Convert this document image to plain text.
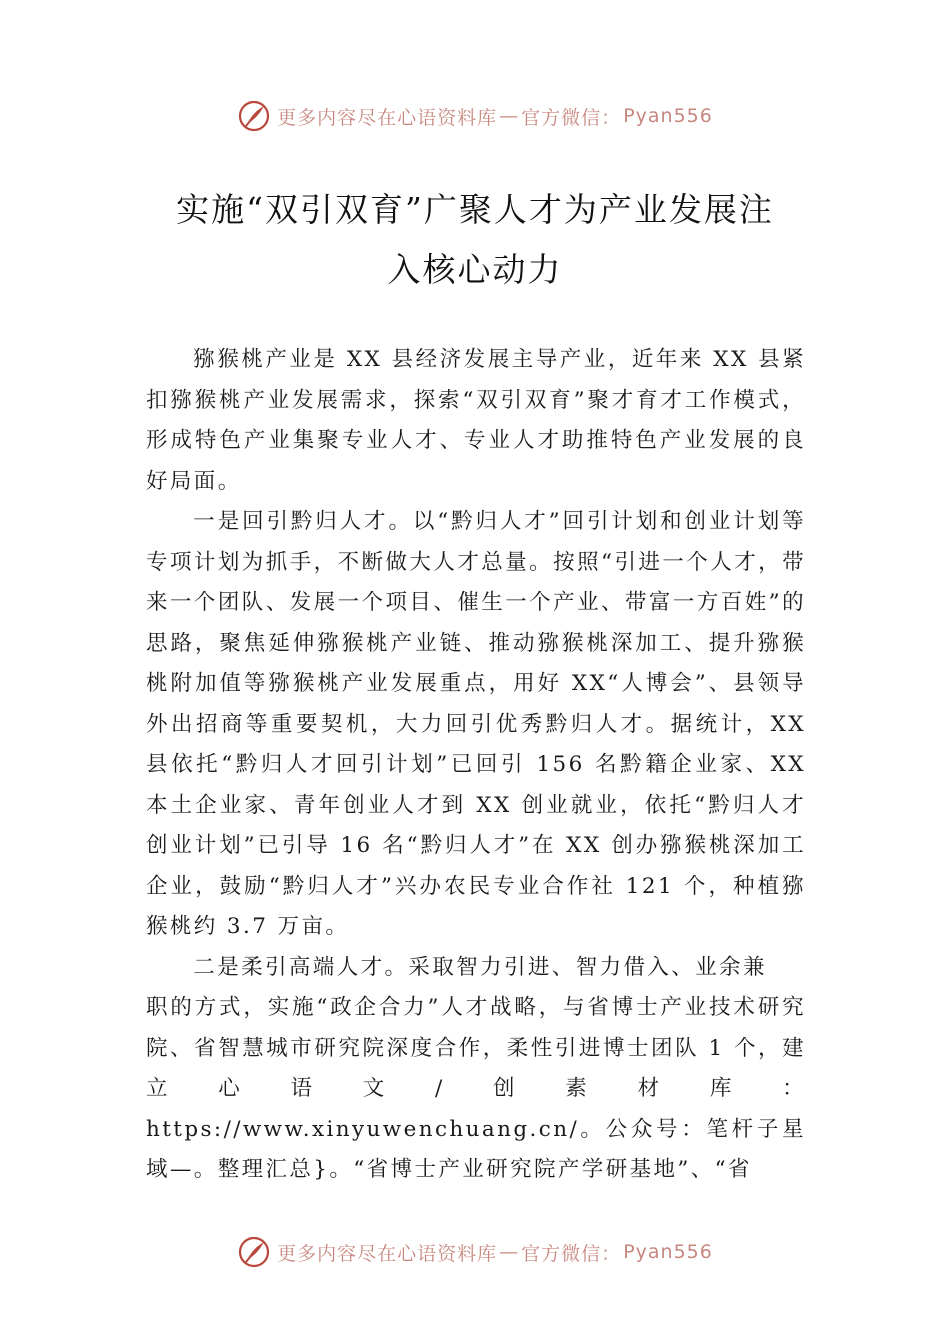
更多内容尽在心语资料库 — 官方微信： Pyan556
实施“双引双育”广聚人才为产业发展注
入核心动力

猕猴桃产业是 XX 县经济发展主导产业，近年来 XX 县紧扣猕猴桃产业发展需求，探索“双引双育”聚才育才工作模式，形成特色产业集聚专业人才、专业人才助推特色产业发展的良好局面。

一是回引黔归人才。以“黔归人才”回引计划和创业计划等专项计划为抓手，不断做大人才总量。按照“引进一个人才，带来一个团队、发展一个项目、催生一个产业、带富一方百姓”的思路，聚焦延伸猕猴桃产业链、推动猕猴桃深加工、提升猕猴桃附加值等猕猴桃产业发展重点，用好 XX“人博会”、县领导外出招商等重要契机，大力回引优秀黔归人才。据统计，XX 县依托“黔归人才回引计划”已回引 156 名黔籍企业家、XX 本土企业家、青年创业人才到 XX 创业就业，依托“黔归人才创业计划”已引导 16 名“黔归人才”在 XX 创办猕猴桃深加工企业，鼓励“黔归人才”兴办农民专业合作社 121 个，种植猕猴桃约 3.7 万亩。

二是柔引高端人才。采取智力引进、智力借入、业余兼

职的方式，实施“政企合力”人才战略，与省博士产业技术研究院、省智慧城市研究院深度合作，柔性引进博士团队 1 个，建立心语文/创素材库：https://www.xinyuwenchuang.cn/。公众号：笔杆子星域—。整理汇总}。“省博士产业研究院产学研基地”、“省

更多内容尽在心语资料库 — 官方微信： Pyan556
